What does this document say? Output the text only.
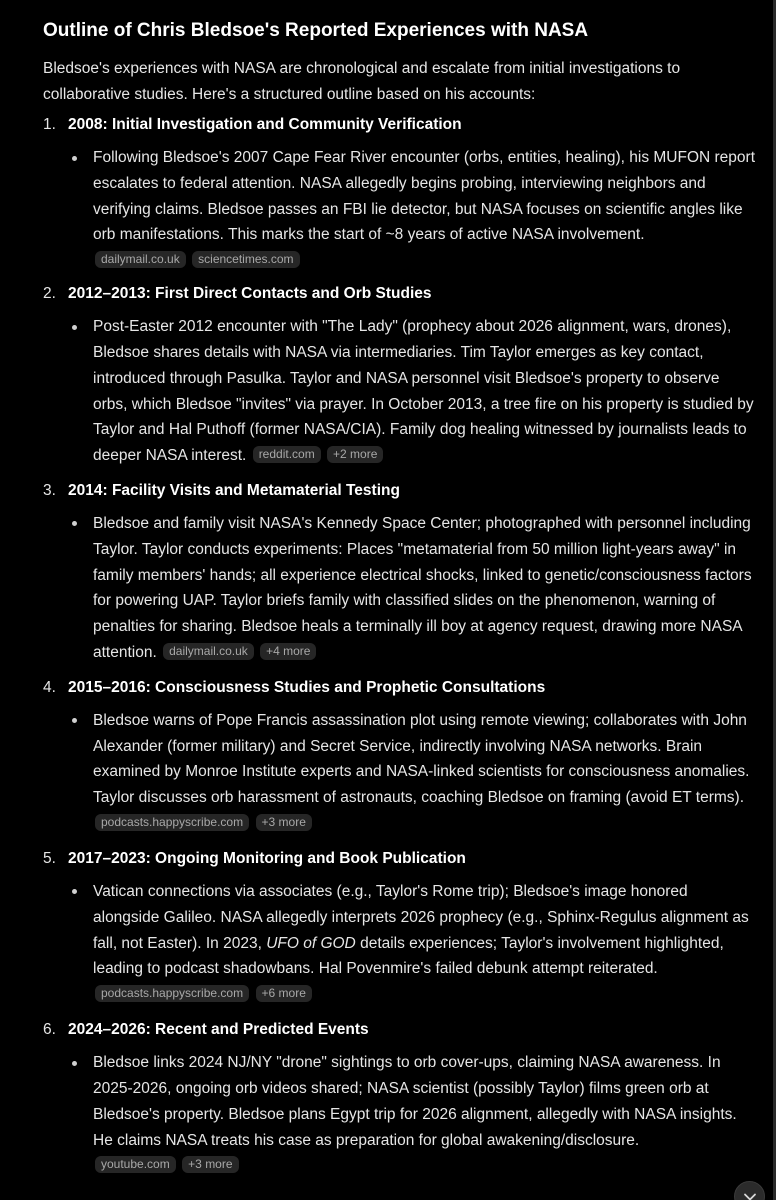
Outline of Chris Bledsoe's Reported Experiences with NASA

Bledsoe's experiences with NASA are chronological and escalate from initial investigations to collaborative studies. Here's a structured outline based on his accounts:

1. 2008: Initial Investigation and Community Verification
Following Bledsoe's 2007 Cape Fear River encounter (orbs, entities, healing), his MUFON report escalates to federal attention. NASA allegedly begins probing, interviewing neighbors and verifying claims. Bledsoe passes an FBI lie detector, but NASA focuses on scientific angles like orb manifestations. This marks the start of ~8 years of active NASA involvement.
dailymail.co.uk sciencetimes.com
2. 2012–2013: First Direct Contacts and Orb Studies
Post-Easter 2012 encounter with "The Lady" (prophecy about 2026 alignment, wars, drones), Bledsoe shares details with NASA via intermediaries. Tim Taylor emerges as key contact, introduced through Pasulka. Taylor and NASA personnel visit Bledsoe's property to observe orbs, which Bledsoe "invites" via prayer. In October 2013, a tree fire on his property is studied by Taylor and Hal Puthoff (former NASA/CIA). Family dog healing witnessed by journalists leads to deeper NASA interest. reddit.com +2 more
3. 2014: Facility Visits and Metamaterial Testing
Bledsoe and family visit NASA's Kennedy Space Center; photographed with personnel including Taylor. Taylor conducts experiments: Places "metamaterial from 50 million light-years away" in family members' hands; all experience electrical shocks, linked to genetic/consciousness factors for powering UAP. Taylor briefs family with classified slides on the phenomenon, warning of penalties for sharing. Bledsoe heals a terminally ill boy at agency request, drawing more NASA attention. dailymail.co.uk +4 more
4. 2015–2016: Consciousness Studies and Prophetic Consultations
Bledsoe warns of Pope Francis assassination plot using remote viewing; collaborates with John Alexander (former military) and Secret Service, indirectly involving NASA networks. Brain examined by Monroe Institute experts and NASA-linked scientists for consciousness anomalies. Taylor discusses orb harassment of astronauts, coaching Bledsoe on framing (avoid ET terms).
podcasts.happyscribe.com +3 more
5. 2017–2023: Ongoing Monitoring and Book Publication
Vatican connections via associates (e.g., Taylor's Rome trip); Bledsoe's image honored alongside Galileo. NASA allegedly interprets 2026 prophecy (e.g., Sphinx-Regulus alignment as fall, not Easter). In 2023, UFO of GOD details experiences; Taylor's involvement highlighted, leading to podcast shadowbans. Hal Povenmire's failed debunk attempt reiterated.
podcasts.happyscribe.com +6 more
6. 2024–2026: Recent and Predicted Events
Bledsoe links 2024 NJ/NY "drone" sightings to orb cover-ups, claiming NASA awareness. In 2025-2026, ongoing orb videos shared; NASA scientist (possibly Taylor) films green orb at Bledsoe's property. Bledsoe plans Egypt trip for 2026 alignment, allegedly with NASA insights. He claims NASA treats his case as preparation for global awakening/disclosure.
youtube.com +3 more
